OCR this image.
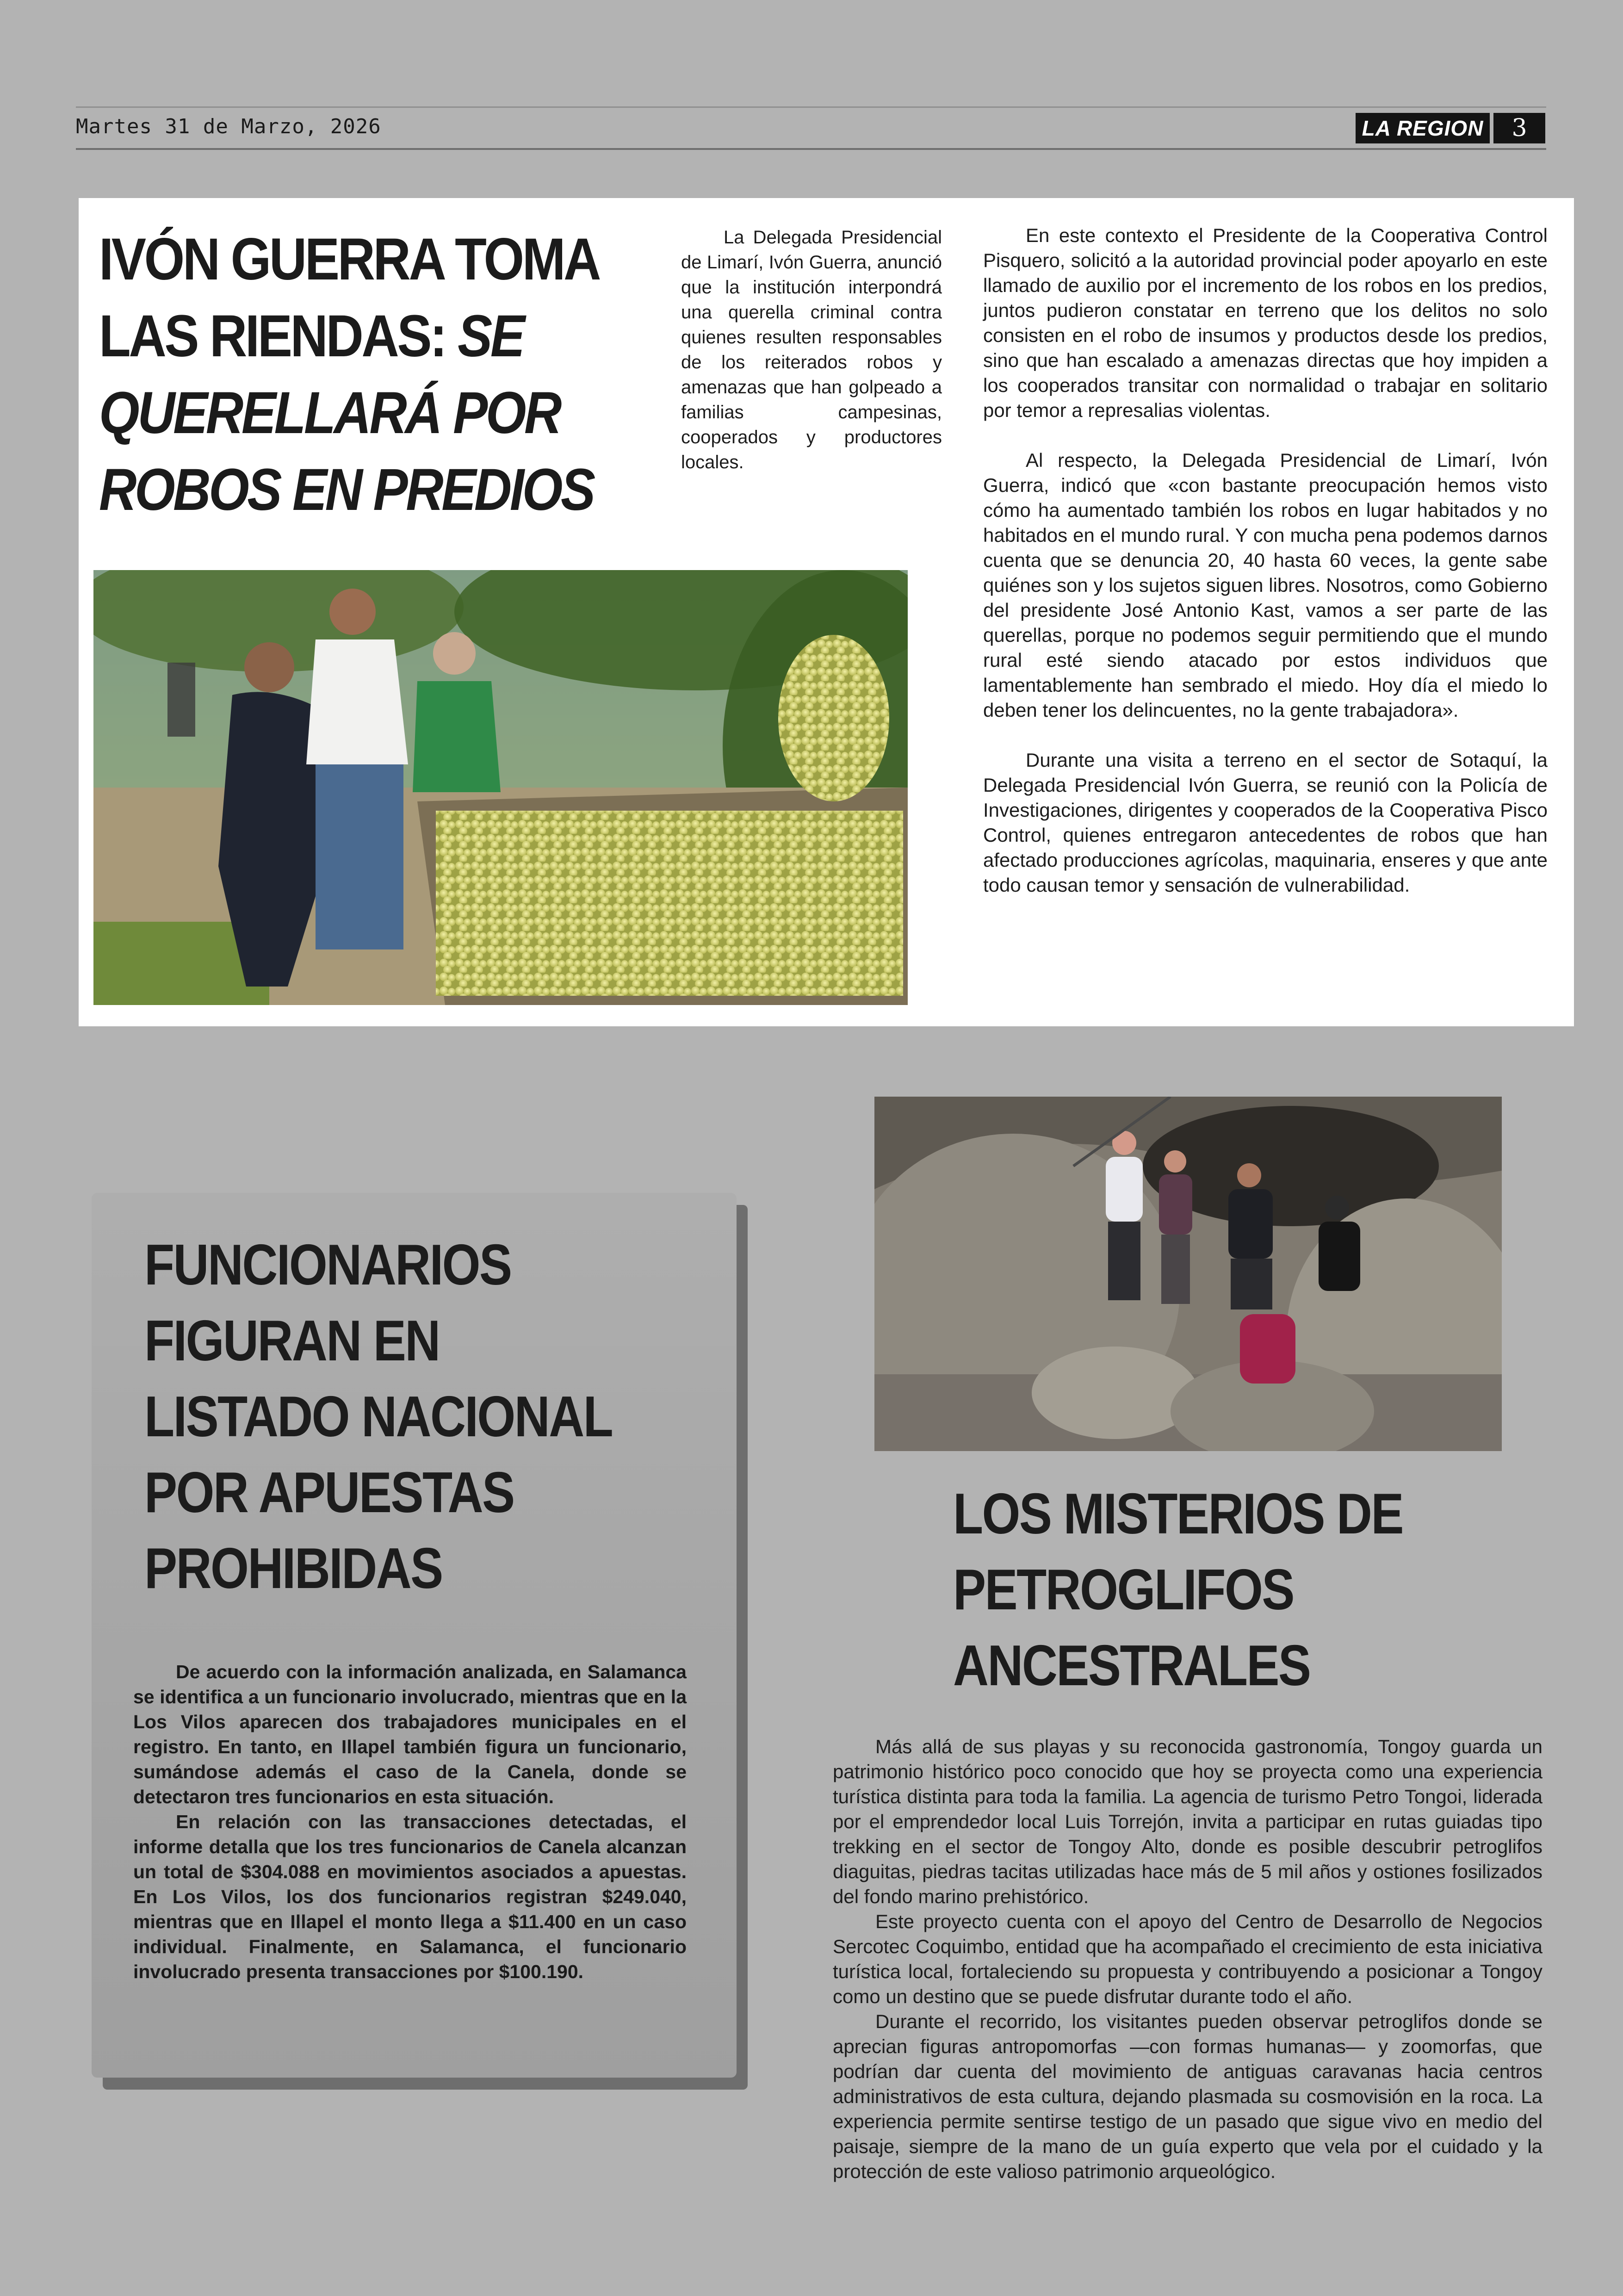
Martes 31 de Marzo, 2026	LA REGION	3
IVÓN GUERRA TOMA LAS RIENDAS: SE QUERELLARÁ POR ROBOS EN PREDIOS

La Delegada Presidencial de Limarí, Ivón Guerra, anunció que la institución interpondrá una querella criminal contra quienes resulten responsables de los reiterados robos y amenazas que han golpeado a familias campesinas, cooperados y productores locales.

En este contexto el Presidente de la Cooperativa Control Pisquero, solicitó a la autoridad provincial poder apoyarlo en este llamado de auxilio por el incremento de los robos en los predios, juntos pudieron constatar en terreno que los delitos no solo consisten en el robo de insumos y productos desde los predios, sino que han escalado a amenazas directas que hoy impiden a los cooperados transitar con normalidad o trabajar en solitario por temor a represalias violentas.

Al respecto, la Delegada Presidencial de Limarí, Ivón Guerra, indicó que «con bastante preocupación hemos visto cómo ha aumentado también los robos en lugar habitados y no habitados en el mundo rural. Y con mucha pena podemos darnos cuenta que se denuncia 20, 40 hasta 60 veces, la gente sabe quiénes son y los sujetos siguen libres. Nosotros, como Gobierno del presidente José Antonio Kast, vamos a ser parte de las querellas, porque no podemos seguir permitiendo que el mundo rural esté siendo atacado por estos individuos que lamentablemente han sembrado el miedo. Hoy día el miedo lo deben tener los delincuentes, no la gente trabajadora».

Durante una visita a terreno en el sector de Sotaquí, la Delegada Presidencial Ivón Guerra, se reunió con la Policía de Investigaciones, dirigentes y cooperados de la Cooperativa Pisco Control, quienes entregaron antecedentes de robos que han afectado producciones agrícolas, maquinaria, enseres y que ante todo causan temor y sensación de vulnerabilidad.

FUNCIONARIOS FIGURAN EN LISTADO NACIONAL POR APUESTAS PROHIBIDAS

De acuerdo con la información analizada, en Salamanca se identifica a un funcionario involucrado, mientras que en la Los Vilos aparecen dos trabajadores municipales en el registro. En tanto, en Illapel también figura un funcionario, sumándose además el caso de la Canela, donde se detectaron tres funcionarios en esta situación.

En relación con las transacciones detectadas, el informe detalla que los tres funcionarios de Canela alcanzan un total de $304.088 en movimientos asociados a apuestas. En Los Vilos, los dos funcionarios registran $249.040, mientras que en Illapel el monto llega a $11.400 en un caso individual. Finalmente, en Salamanca, el funcionario involucrado presenta transacciones por $100.190.

LOS MISTERIOS DE PETROGLIFOS ANCESTRALES

Más allá de sus playas y su reconocida gastronomía, Tongoy guarda un patrimonio histórico poco conocido que hoy se proyecta como una experiencia turística distinta para toda la familia. La agencia de turismo Petro Tongoi, liderada por el emprendedor local Luis Torrejón, invita a participar en rutas guiadas tipo trekking en el sector de Tongoy Alto, donde es posible descubrir petroglifos diaguitas, piedras tacitas utilizadas hace más de 5 mil años y ostiones fosilizados del fondo marino prehistórico.

Este proyecto cuenta con el apoyo del Centro de Desarrollo de Negocios Sercotec Coquimbo, entidad que ha acompañado el crecimiento de esta iniciativa turística local, fortaleciendo su propuesta y contribuyendo a posicionar a Tongoy como un destino que se puede disfrutar durante todo el año.

Durante el recorrido, los visitantes pueden observar petroglifos donde se aprecian figuras antropomorfas —con formas humanas— y zoomorfas, que podrían dar cuenta del movimiento de antiguas caravanas hacia centros administrativos de esta cultura, dejando plasmada su cosmovisión en la roca. La experiencia permite sentirse testigo de un pasado que sigue vivo en medio del paisaje, siempre de la mano de un guía experto que vela por el cuidado y la protección de este valioso patrimonio arqueológico.
